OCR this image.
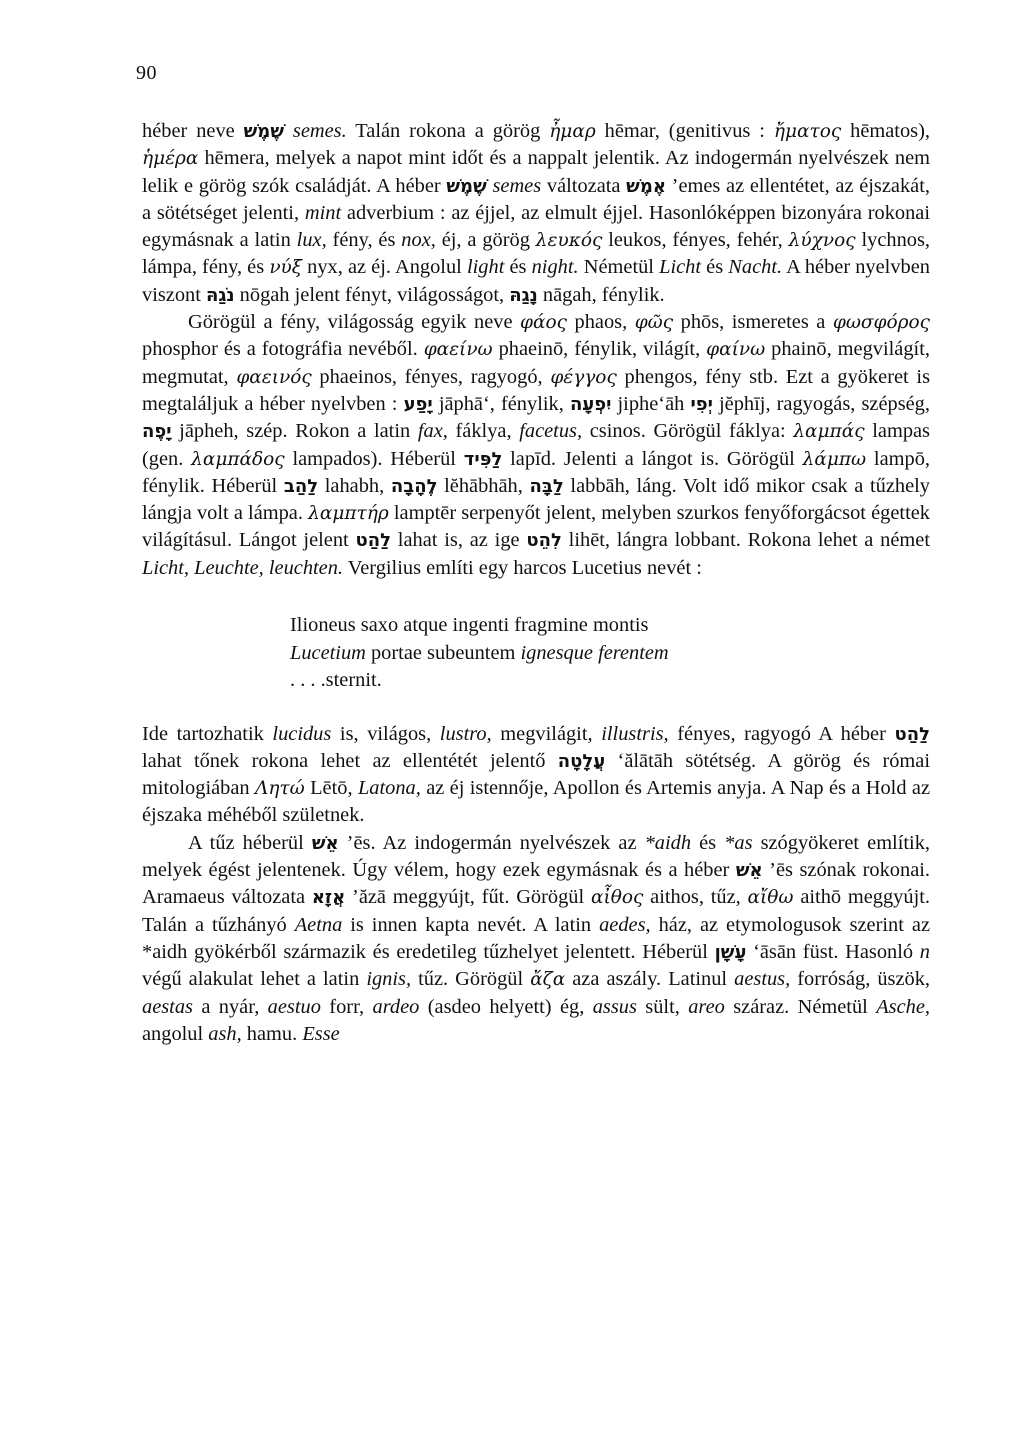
90

héber neve שֶׁמֶשׁ semes. Talán rokona a görög ἦμαρ hēmar, (genitivus : ἤματος hēmatos), ἡμέρα hēmera, melyek a napot mint időt és a nappalt jelentik. Az indogermán nyelvészek nem lelik e görög szók családját. A héber שֶׁמֶשׁ semes változata אֶמֶשׁ ’emes az ellentétet, az éjszakát, a sötétséget jelenti, mint adverbium : az éjjel, az elmult éjjel. Hasonlóképpen bizonyára rokonai egymásnak a latin lux, fény, és nox, éj, a görög λευκός leukos, fényes, fehér, λύχνος lychnos, lámpa, fény, és νύξ nyx, az éj. Angolul light és night. Németül Licht és Nacht. A héber nyelvben viszont נֹגַהּ nōgah jelent fényt, világosságot, נָגַהּ nāgah, fénylik.

Görögül a fény, világosság egyik neve φάος phaos, φῶς phōs, ismeretes a φωσφόρος phosphor és a fotográfia nevéből. φαείνω phaeinō, fénylik, világít, φαίνω phainō, megvilágít, megmutat, φαεινός phaeinos, fényes, ragyogó, φέγγος phengos, fény stb. Ezt a gyökeret is megtaláljuk a héber nyelvben : יָפַע jāphā‘, fénylik, יִפְעָה jiphe‘āh יְפִי jĕphīj, ragyogás, szépség, יָפֶה jāpheh, szép. Rokon a latin fax, fáklya, facetus, csinos. Görögül fáklya: λαμπάς lampas (gen. λαμπάδος lampados). Héberül לַפִּיד lapīd. Jelenti a lángot is. Görögül λάμπω lampō, fénylik. Héberül לַהַב lahabh, לֶהָבָה lĕhābhāh, לַבָּה labbāh, láng. Volt idő mikor csak a tűzhely lángja volt a lámpa. λαμπτήρ lamptēr serpenyőt jelent, melyben szurkos fenyőforgácsot égettek világításul. Lángot jelent לַהַט lahat is, az ige לִהֵט lihēt, lángra lobbant. Rokona lehet a német Licht, Leuchte, leuchten. Vergilius említi egy harcos Lucetius nevét :

Ilioneus saxo atque ingenti fragmine montis
Lucetium portae subeuntem ignesque ferentem
. . . .sternit.

Ide tartozhatik lucidus is, világos, lustro, megvilágit, illustris, fényes, ragyogó A héber לַהַט lahat tőnek rokona lehet az ellentétét jelentő עֲלָטָה ‘ălātāh sötétség. A görög és római mitologiában Λητώ Lētō, Latona, az éj istennője, Apollon és Artemis anyja. A Nap és a Hold az éjszaka méhéből születnek.

A tűz héberül אֵשׁ ’ēs. Az indogermán nyelvészek az *aidh és *as szógyökeret említik, melyek égést jelentenek. Úgy vélem, hogy ezek egymásnak és a héber אֵשׁ ’ēs szónak rokonai. Aramaeus változata אֲזָא ’ăzā meggyújt, fűt. Görögül αἶθος aithos, tűz, αἴθω aithō meggyújt. Talán a tűzhányó Aetna is innen kapta nevét. A latin aedes, ház, az etymologusok szerint az *aidh gyökérből származik és eredetileg tűzhelyet jelentett. Héberül עָשָׁן ‘āsān füst. Hasonló n végű alakulat lehet a latin ignis, tűz. Görögül ἄζα aza aszály. Latinul aestus, forróság, üszök, aestas a nyár, aestuo forr, ardeo (asdeo helyett) ég, assus sült, areo száraz. Németül Asche, angolul ash, hamu. Esse
